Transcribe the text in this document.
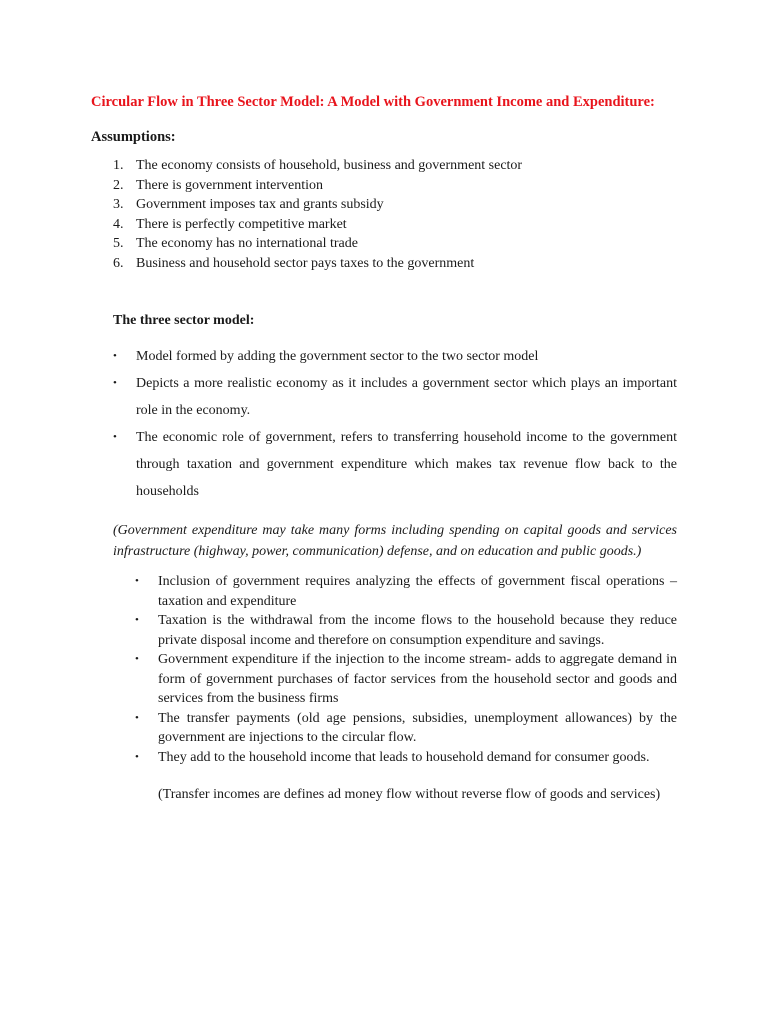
Circular Flow in Three Sector Model: A Model with Government Income and Expenditure:

Assumptions:

1. The economy consists of household, business and government sector
2. There is government intervention
3. Government imposes tax and grants subsidy
4. There is perfectly competitive market
5. The economy has no international trade
6. Business and household sector pays taxes to the government

The three sector model:

•	Model formed by adding the government sector to the two sector model
•	Depicts a more realistic economy as it includes a government sector which plays an important role in the economy.
•	The economic role of government, refers to transferring household income to the government through taxation and government expenditure which makes tax revenue flow back to the households

(Government expenditure may take many forms including spending on capital goods and services infrastructure (highway, power, communication) defense, and on education and public goods.)

•	Inclusion of government requires analyzing the effects of government fiscal operations – taxation and expenditure
•	Taxation is the withdrawal from the income flows to the household because they reduce private disposal income and therefore on consumption expenditure and savings.
•	Government expenditure if the injection to the income stream- adds to aggregate demand in form of government purchases of factor services from the household sector and goods and services from the business firms
•	The transfer payments (old age pensions, subsidies, unemployment allowances) by the government are injections to the circular flow.
•	They add to the household income that leads to household demand for consumer goods.

(Transfer incomes are defines ad money flow without reverse flow of goods and services)
